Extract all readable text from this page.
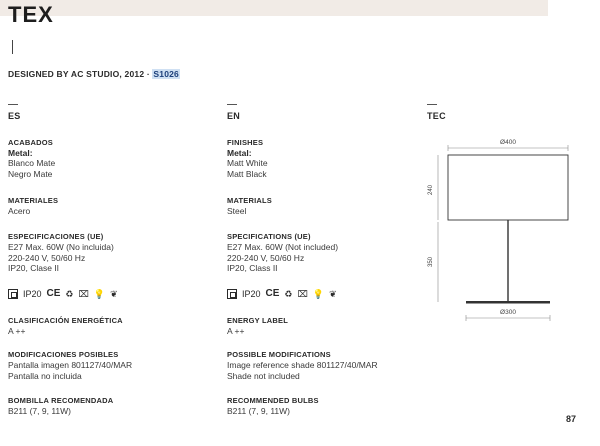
TEX
DESIGNED BY AC STUDIO, 2012 · S1026
ES
ACABADOS
Metal:
Blanco Mate
Negro Mate
MATERIALES
Acero
ESPECIFICACIONES (UE)
E27 Max. 60W (No incluida)
220-240 V, 50/60 Hz
IP20, Clase II
IP20 CE ♻ ⌧ 💡 ❦
CLASIFICACIÓN ENERGÉTICA
A ++
MODIFICACIONES POSIBLES
Pantalla imagen 801127/40/MAR
Pantalla no incluida
BOMBILLA RECOMENDADA
B211 (7, 9, 11W)
EN
FINISHES
Metal:
Matt White
Matt Black
MATERIALS
Steel
SPECIFICATIONS (UE)
E27 Max. 60W (Not included)
220-240 V, 50/60 Hz
IP20, Class II
IP20 CE ♻ ⌧ 💡 ❦
ENERGY LABEL
A ++
POSSIBLE MODIFICATIONS
Image reference shade 801127/40/MAR
Shade not included
RECOMMENDED BULBS
B211 (7, 9, 11W)
TEC
Ø400
240
350
Ø300
87
